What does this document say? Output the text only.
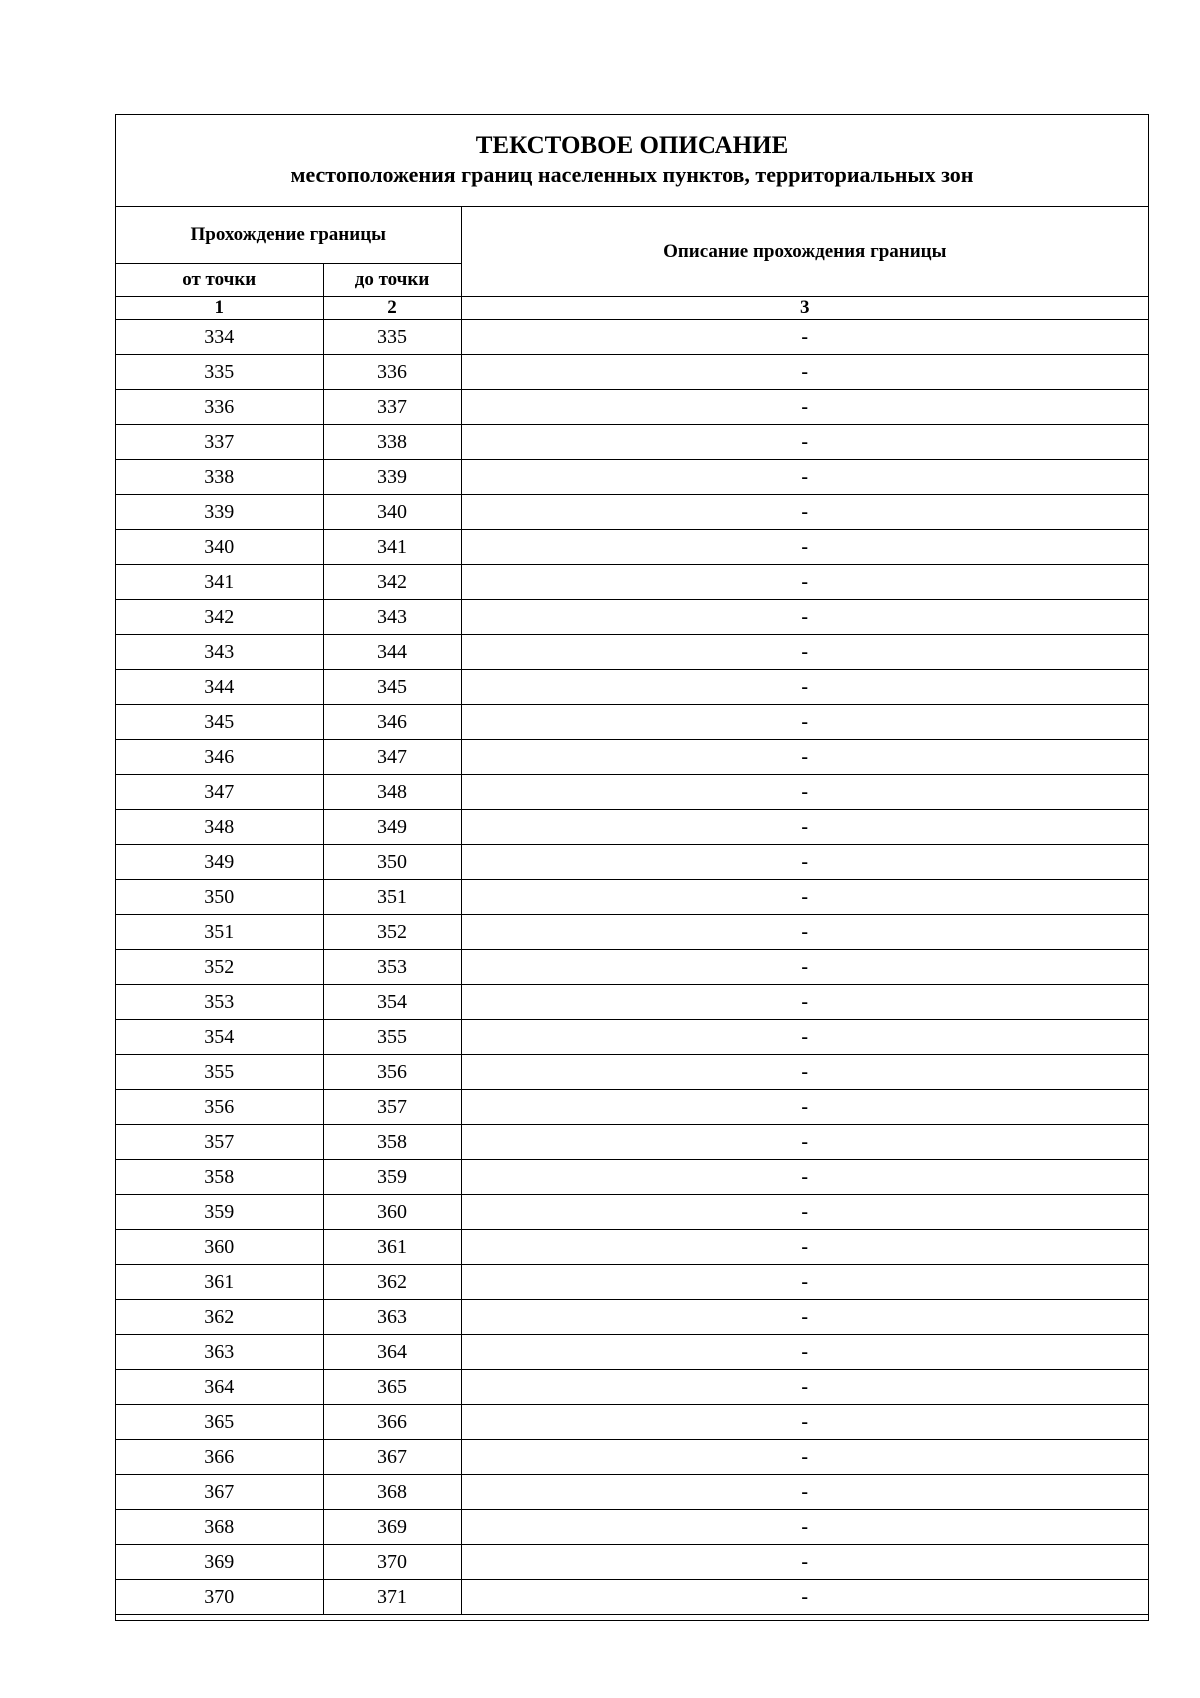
ТЕКСТОВОЕ ОПИСАНИЕ
местоположения границ населенных пунктов, территориальных зон
Прохождение границы		Описание прохождения границы
от точки	до точки	
1	2	3
334	335	-
335	336	-
336	337	-
337	338	-
338	339	-
339	340	-
340	341	-
341	342	-
342	343	-
343	344	-
344	345	-
345	346	-
346	347	-
347	348	-
348	349	-
349	350	-
350	351	-
351	352	-
352	353	-
353	354	-
354	355	-
355	356	-
356	357	-
357	358	-
358	359	-
359	360	-
360	361	-
361	362	-
362	363	-
363	364	-
364	365	-
365	366	-
366	367	-
367	368	-
368	369	-
369	370	-
370	371	-
